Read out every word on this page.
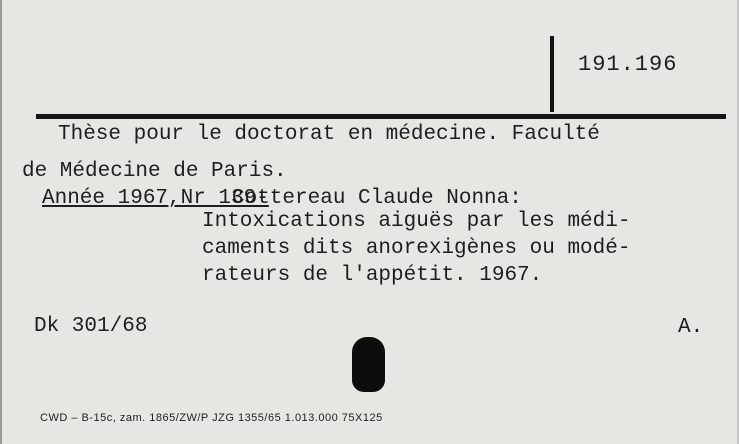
191.196
Thèse pour le doctorat en médecine. Faculté
de Médecine de Paris.
Année 1967,Nr 139-
Cottereau Claude Nonna:
Intoxications aiguës par les médi-
caments dits anorexigènes ou modé-
rateurs de l'appétit. 1967.
Dk 301/68	A.
CWD – B-15c, zam. 1865/ZW/P JZG 1355/65 1.013.000 75X125
